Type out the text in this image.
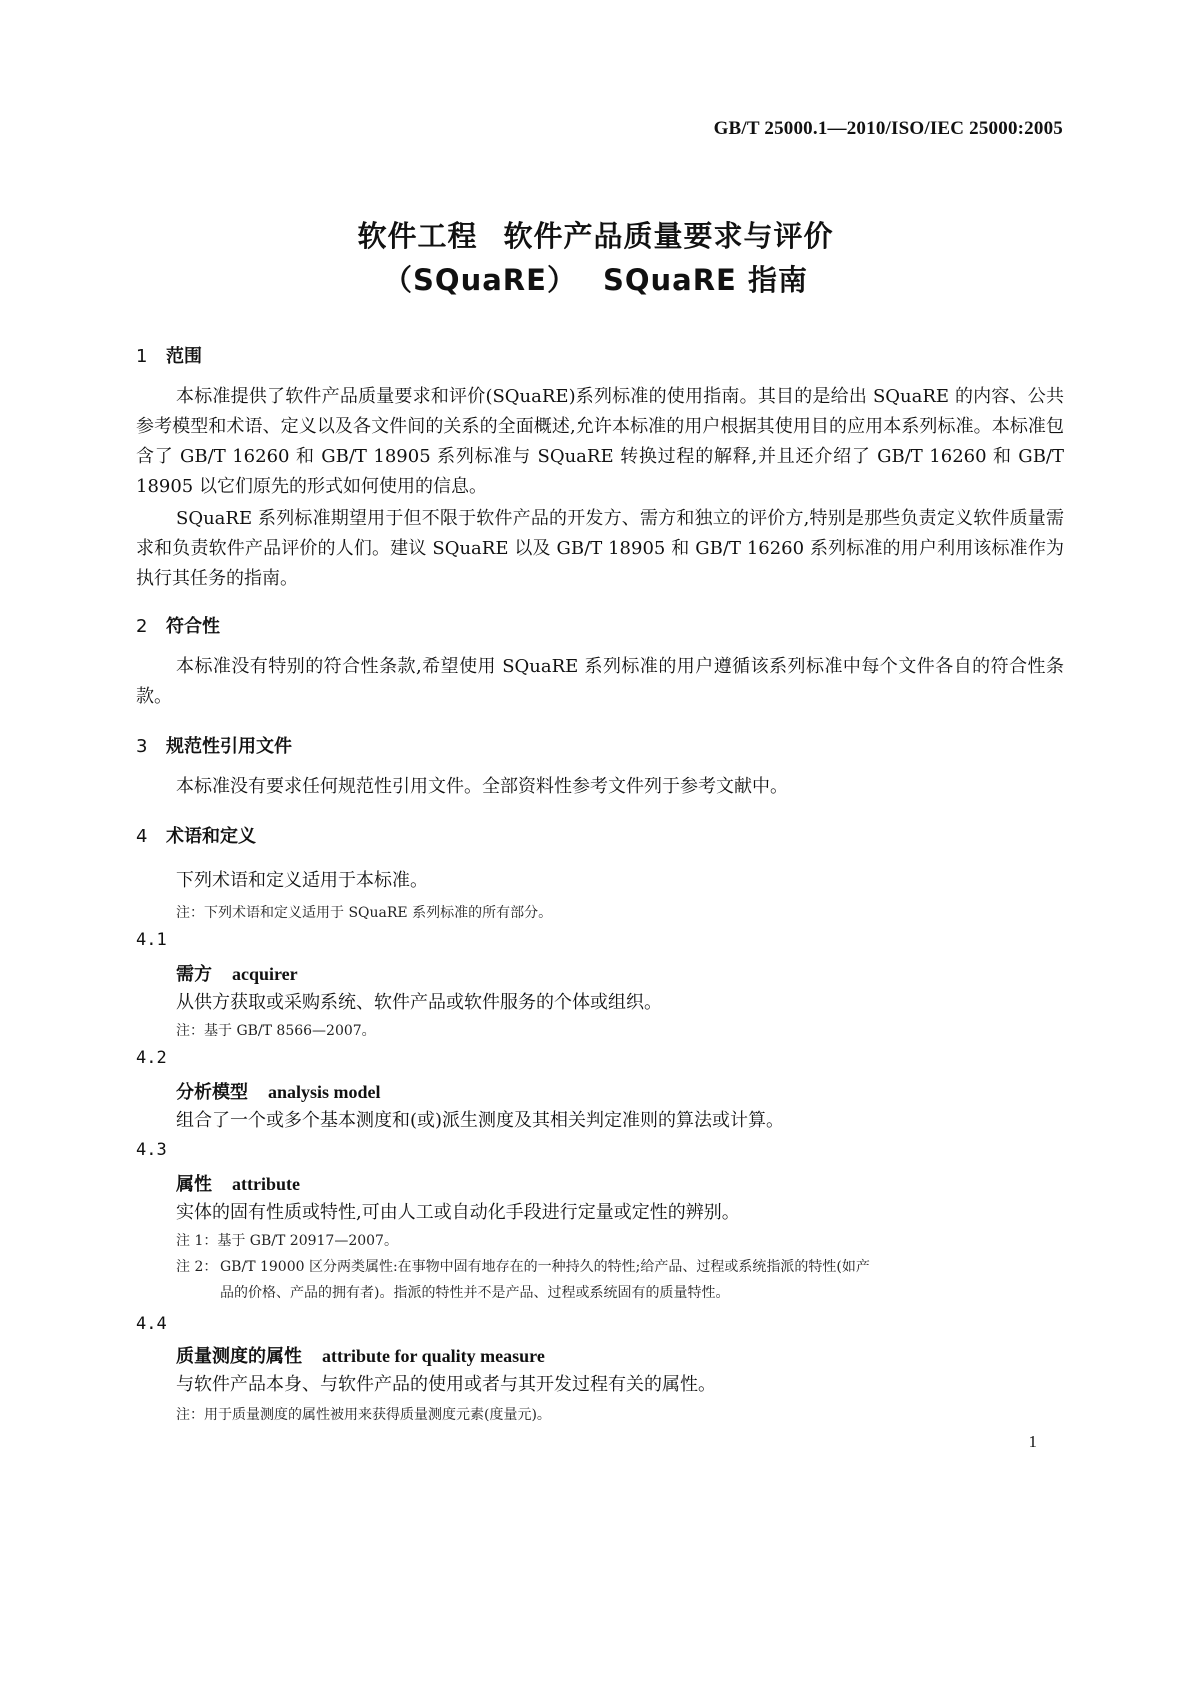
GB/T 25000.1—2010/ISO/IEC 25000:2005
软件工程 软件产品质量要求与评价
（SQuaRE） SQuaRE 指南
1 范围
本标准提供了软件产品质量要求和评价(SQuaRE)系列标准的使用指南。其目的是给出 SQuaRE 的内容、公共参考模型和术语、定义以及各文件间的关系的全面概述,允许本标准的用户根据其使用目的应用本系列标准。本标准包含了 GB/T 16260 和 GB/T 18905 系列标准与 SQuaRE 转换过程的解释,并且还介绍了 GB/T 16260 和 GB/T 18905 以它们原先的形式如何使用的信息。
SQuaRE 系列标准期望用于但不限于软件产品的开发方、需方和独立的评价方,特别是那些负责定义软件质量需求和负责软件产品评价的人们。建议 SQuaRE 以及 GB/T 18905 和 GB/T 16260 系列标准的用户利用该标准作为执行其任务的指南。
2 符合性
本标准没有特别的符合性条款,希望使用 SQuaRE 系列标准的用户遵循该系列标准中每个文件各自的符合性条款。
3 规范性引用文件
本标准没有要求任何规范性引用文件。全部资料性参考文件列于参考文献中。
4 术语和定义
下列术语和定义适用于本标准。
注：下列术语和定义适用于 SQuaRE 系列标准的所有部分。
4.1
需方 acquirer
从供方获取或采购系统、软件产品或软件服务的个体或组织。
注：基于 GB/T 8566—2007。
4.2
分析模型 analysis model
组合了一个或多个基本测度和(或)派生测度及其相关判定准则的算法或计算。
4.3
属性 attribute
实体的固有性质或特性,可由人工或自动化手段进行定量或定性的辨别。
注 1：基于 GB/T 20917—2007。
注 2： GB/T 19000 区分两类属性:在事物中固有地存在的一种持久的特性;给产品、过程或系统指派的特性(如产
品的价格、产品的拥有者)。指派的特性并不是产品、过程或系统固有的质量特性。
4.4
质量测度的属性 attribute for quality measure
与软件产品本身、与软件产品的使用或者与其开发过程有关的属性。
注：用于质量测度的属性被用来获得质量测度元素(度量元)。
1
